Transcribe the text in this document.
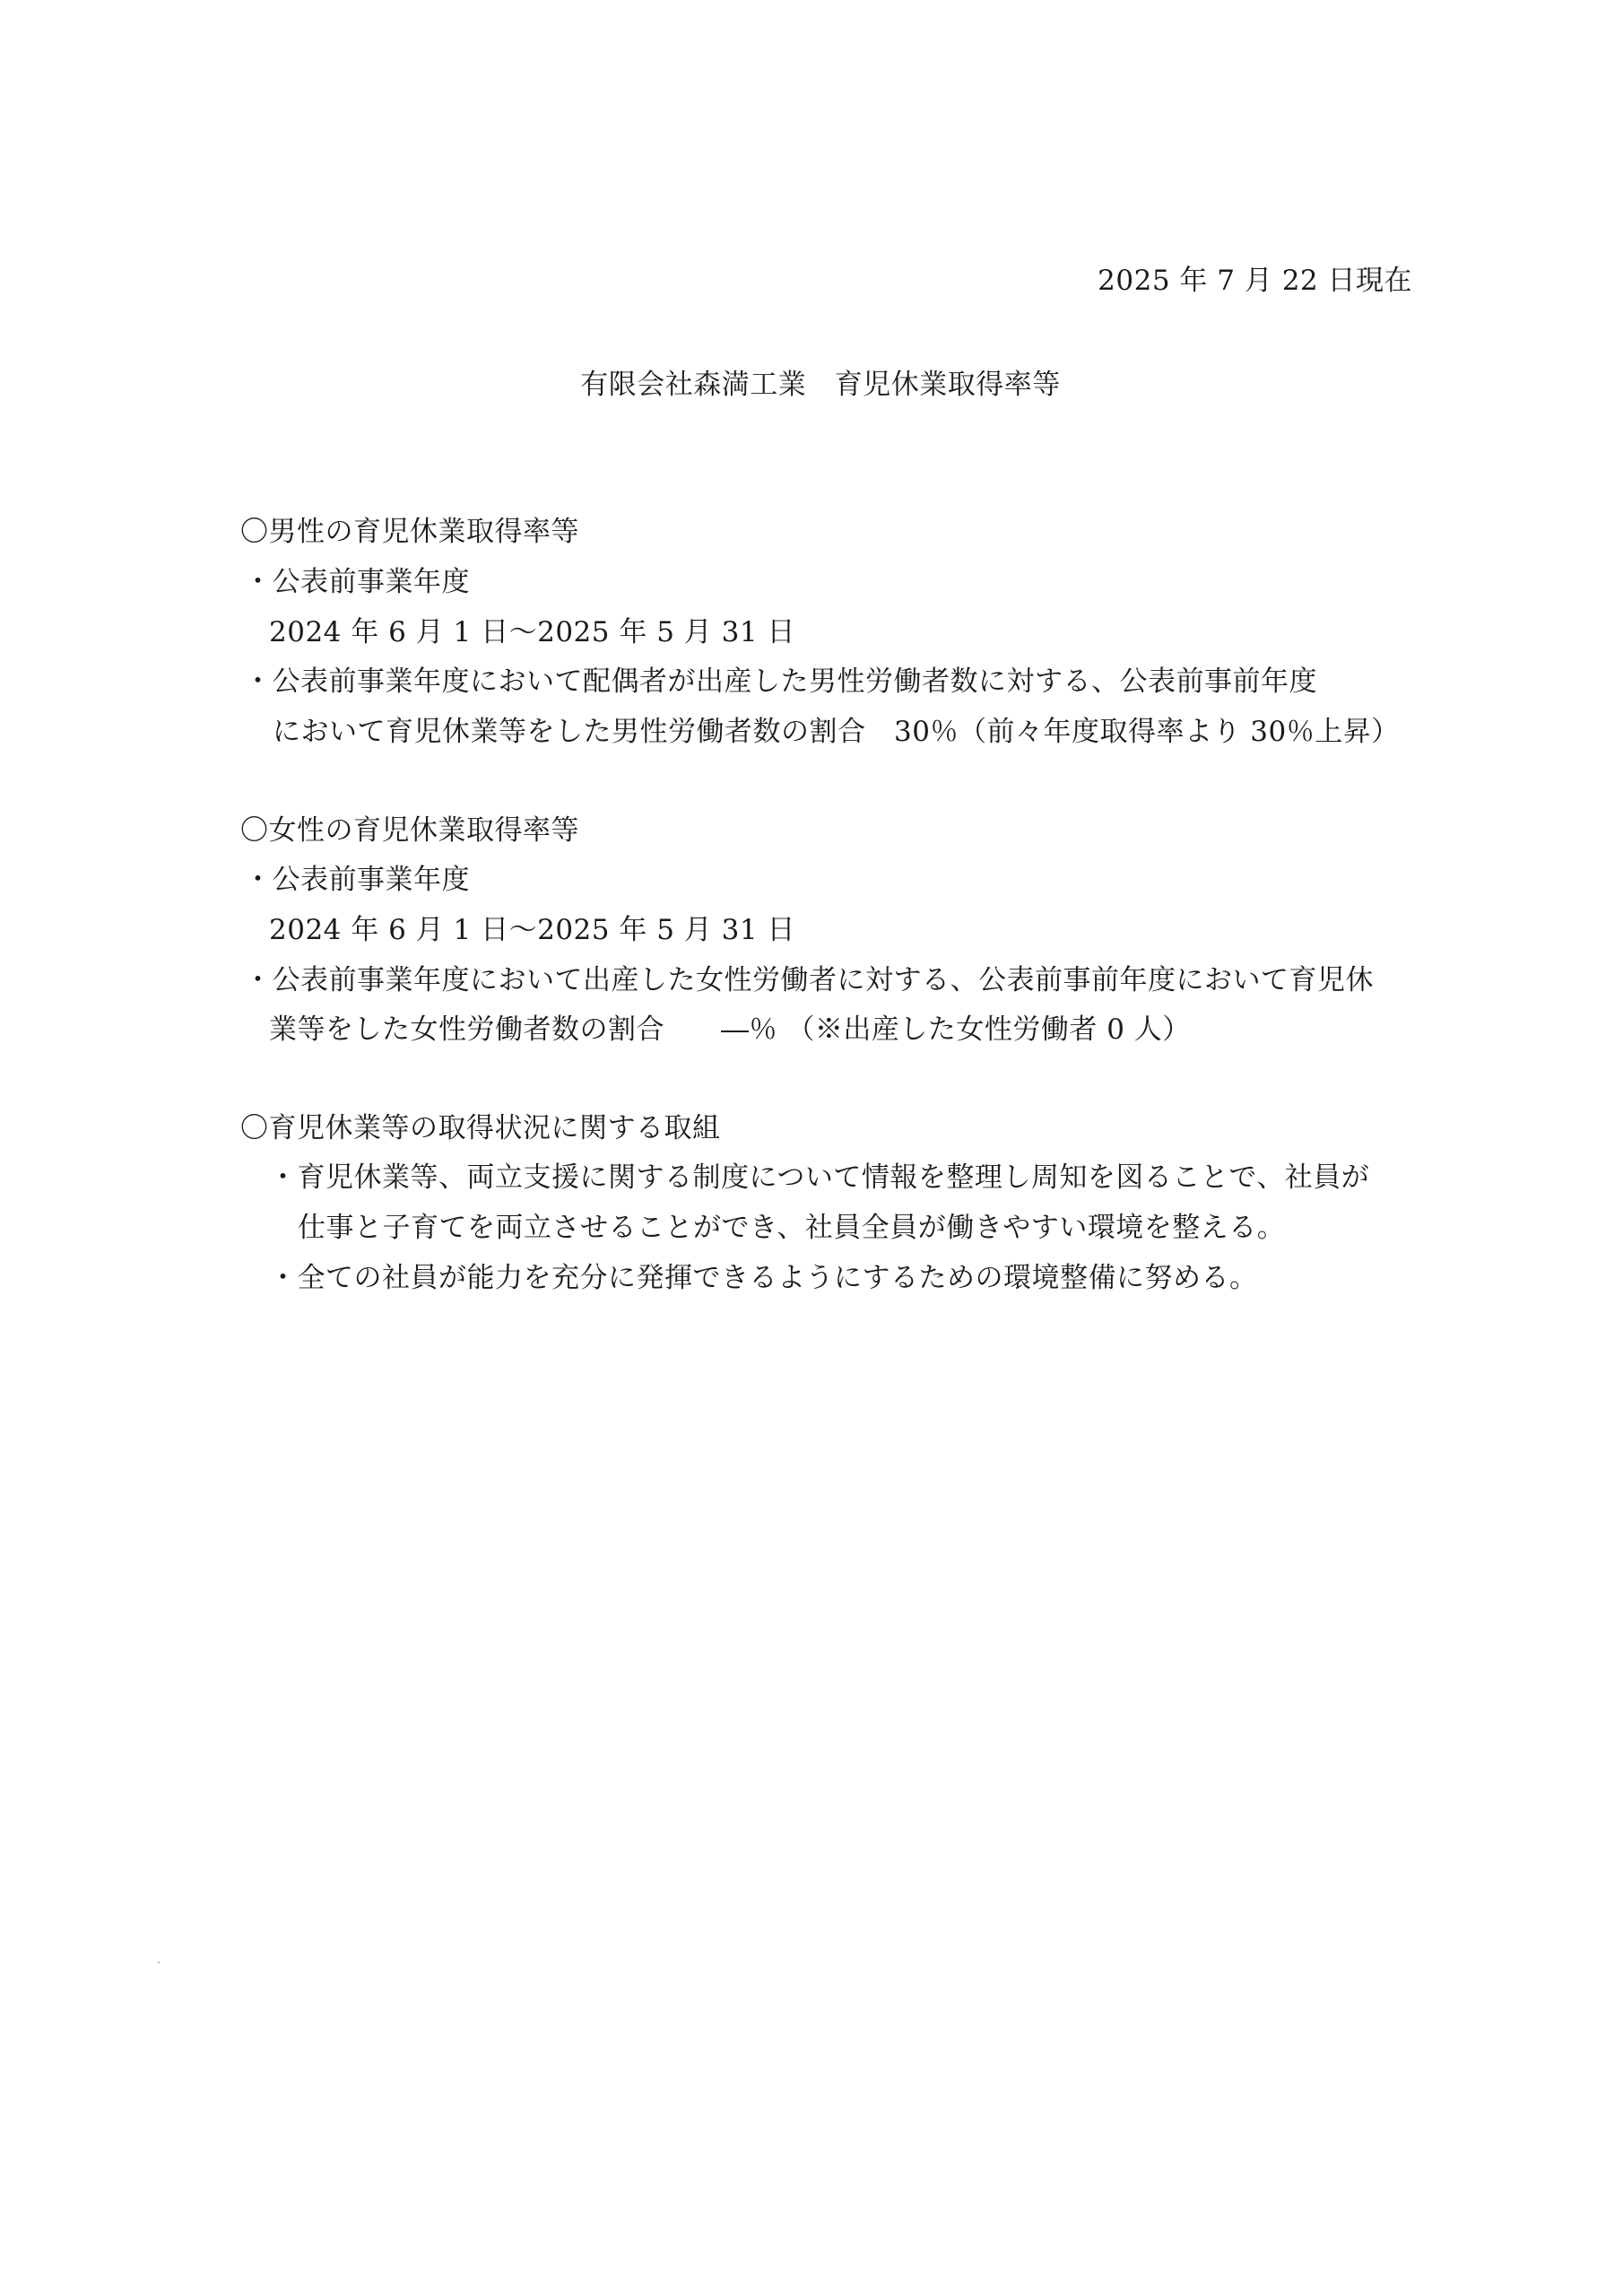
2025 年 7 月 22 日現在
有限会社森満工業　育児休業取得率等
〇男性の育児休業取得率等
・公表前事業年度
2024 年 6 月 1 日～2025 年 5 月 31 日
・公表前事業年度において配偶者が出産した男性労働者数に対する、公表前事前年度
において育児休業等をした男性労働者数の割合　30％（前々年度取得率より 30％上昇）
〇女性の育児休業取得率等
・公表前事業年度
2024 年 6 月 1 日～2025 年 5 月 31 日
・公表前事業年度において出産した女性労働者に対する、公表前事前年度において育児休
業等をした女性労働者数の割合　　―％ （※出産した女性労働者 0 人）
〇育児休業等の取得状況に関する取組
・育児休業等、両立支援に関する制度について情報を整理し周知を図ることで、社員が
仕事と子育てを両立させることができ、社員全員が働きやすい環境を整える。
・全ての社員が能力を充分に発揮できるようにするための環境整備に努める。
